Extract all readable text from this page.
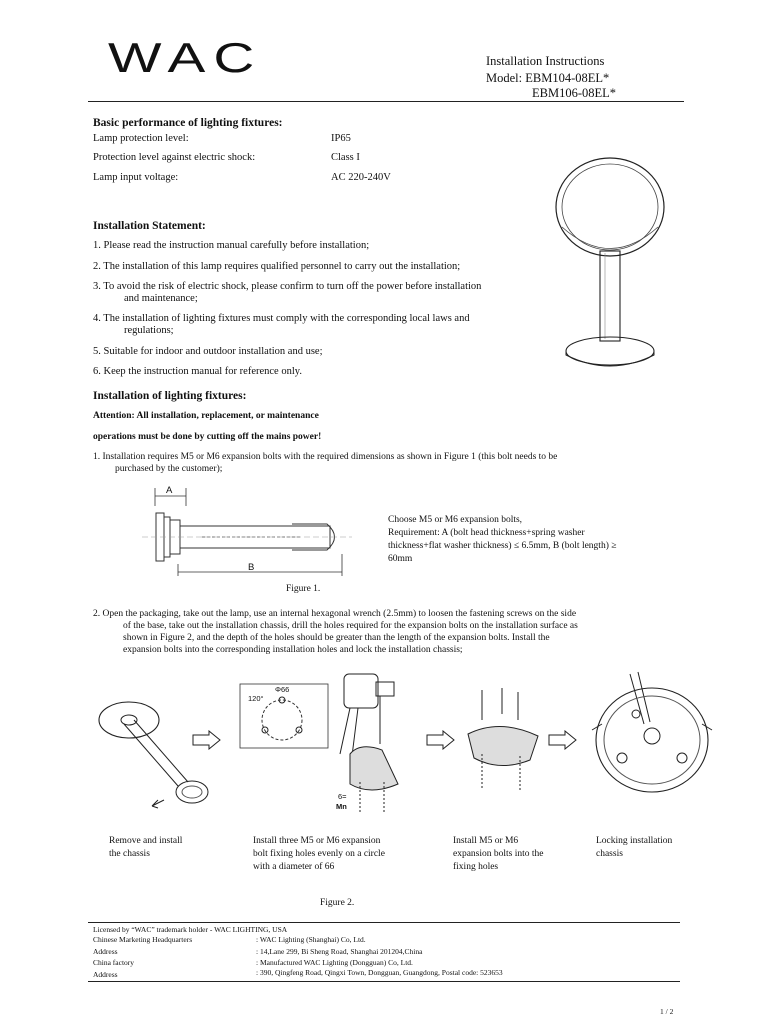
WAC	Installation Instructions
Model: EBM104-08EL*
EBM106-08EL*
Basic performance of lighting fixtures:
Lamp protection level:	IP65
Protection level against electric shock:	Class I
Lamp input voltage:	AC 220-240V
Installation Statement:
1. Please read the instruction manual carefully before installation;
2. The installation of this lamp requires qualified personnel to carry out the installation;
3. To avoid the risk of electric shock, please confirm to turn off the power before installation
and maintenance;
4. The installation of lighting fixtures must comply with the corresponding local laws and
regulations;
5. Suitable for indoor and outdoor installation and use;
6. Keep the instruction manual for reference only.
Installation of lighting fixtures:
Attention: All installation, replacement, or maintenance
operations must be done by cutting off the mains power!
1. Installation requires M5 or M6 expansion bolts with the required dimensions as shown in Figure 1 (this bolt needs to be
purchased by the customer);
A
B
Choose M5 or M6 expansion bolts,
Requirement: A (bolt head thickness+spring washer
thickness+flat washer thickness) ≤ 6.5mm, B (bolt length) ≥
60mm
Figure 1.
2. Open the packaging, take out the lamp, use an internal hexagonal wrench (2.5mm) to loosen the fastening screws on the side
of the base, take out the installation chassis, drill the holes required for the expansion bolts on the installation surface as
shown in Figure 2, and the depth of the holes should be greater than the length of the expansion bolts. Install the
expansion bolts into the corresponding installation holes and lock the installation chassis;
Φ66
120°
6=
Mn
Remove and install
the chassis
Install three M5 or M6 expansion
bolt fixing holes evenly on a circle
with a diameter of 66
Install M5 or M6
expansion bolts into the
fixing holes
Locking installation
chassis
Figure 2.
Licensed by “WAC” trademark holder - WAC LIGHTING, USA
Chinese Marketing Headquarters	: WAC Lighting (Shanghai) Co, Ltd.
Address	: 14,Lane 299, Bi Sheng Road, Shanghai 201204,China
China factory	: Manufactured WAC Lighting (Dongguan) Co, Ltd.
Address	: 390, Qingfeng Road, Qingxi Town, Dongguan, Guangdong, Postal code: 523653
1 / 2
